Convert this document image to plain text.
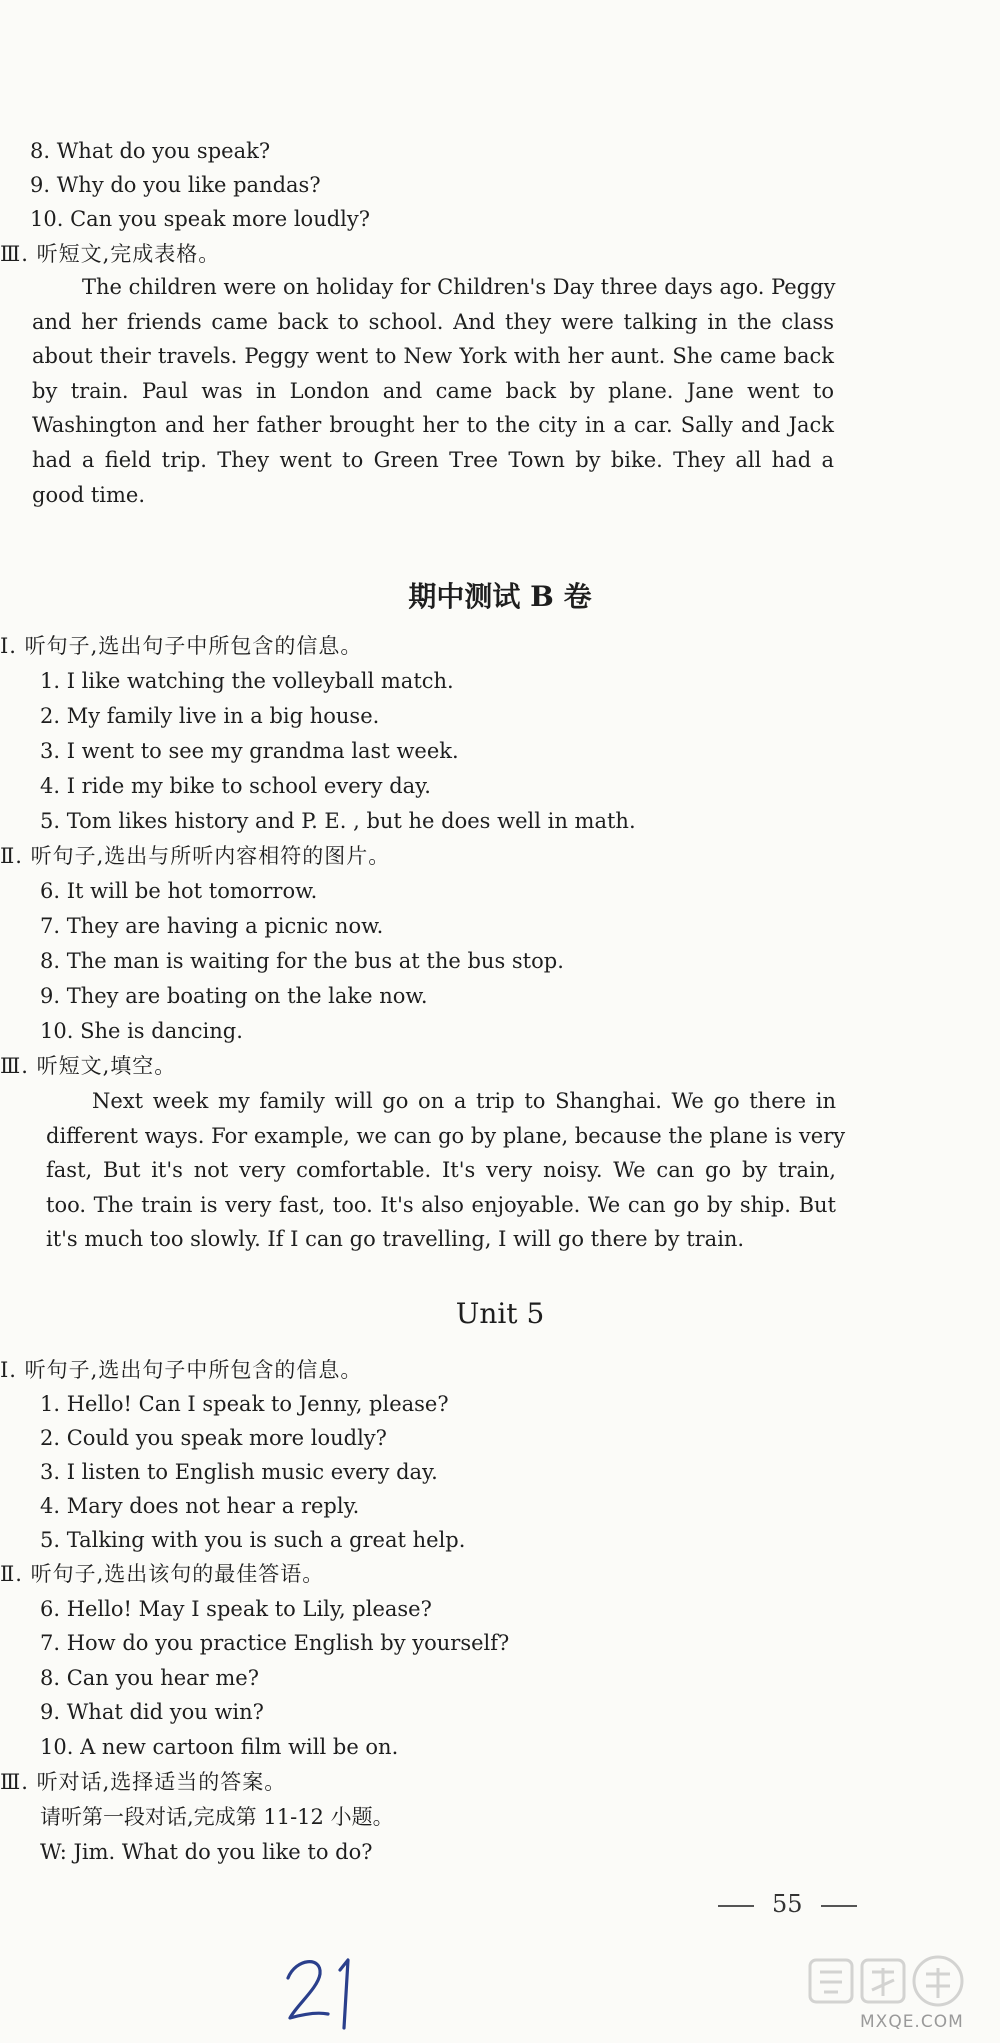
8. What do you speak?
9. Why do you like pandas?
10. Can you speak more loudly?
Ⅲ. 听短文,完成表格。
The children were on holiday for Children's Day three days ago. Peggy
and her friends came back to school. And they were talking in the class
about their travels. Peggy went to New York with her aunt. She came back
by train. Paul was in London and came back by plane. Jane went to
Washington and her father brought her to the city in a car. Sally and Jack
had a field trip. They went to Green Tree Town by bike. They all had a
good time.
期中测试 B 卷
Ⅰ. 听句子,选出句子中所包含的信息。
1. I like watching the volleyball match.
2. My family live in a big house.
3. I went to see my grandma last week.
4. I ride my bike to school every day.
5. Tom likes history and P. E. , but he does well in math.
Ⅱ. 听句子,选出与所听内容相符的图片。
6. It will be hot tomorrow.
7. They are having a picnic now.
8. The man is waiting for the bus at the bus stop.
9. They are boating on the lake now.
10. She is dancing.
Ⅲ. 听短文,填空。
Next week my family will go on a trip to Shanghai. We go there in
different ways. For example, we can go by plane, because the plane is very
fast, But it's not very comfortable. It's very noisy. We can go by train,
too. The train is very fast, too. It's also enjoyable. We can go by ship. But
it's much too slowly. If I can go travelling, I will go there by train.
Unit 5
Ⅰ. 听句子,选出句子中所包含的信息。
1. Hello! Can I speak to Jenny, please?
2. Could you speak more loudly?
3. I listen to English music every day.
4. Mary does not hear a reply.
5. Talking with you is such a great help.
Ⅱ. 听句子,选出该句的最佳答语。
6. Hello! May I speak to Lily, please?
7. How do you practice English by yourself?
8. Can you hear me?
9. What did you win?
10. A new cartoon film will be on.
Ⅲ. 听对话,选择适当的答案。
请听第一段对话,完成第 11-12 小题。
W: Jim. What do you like to do?
55
MXQE.COM
